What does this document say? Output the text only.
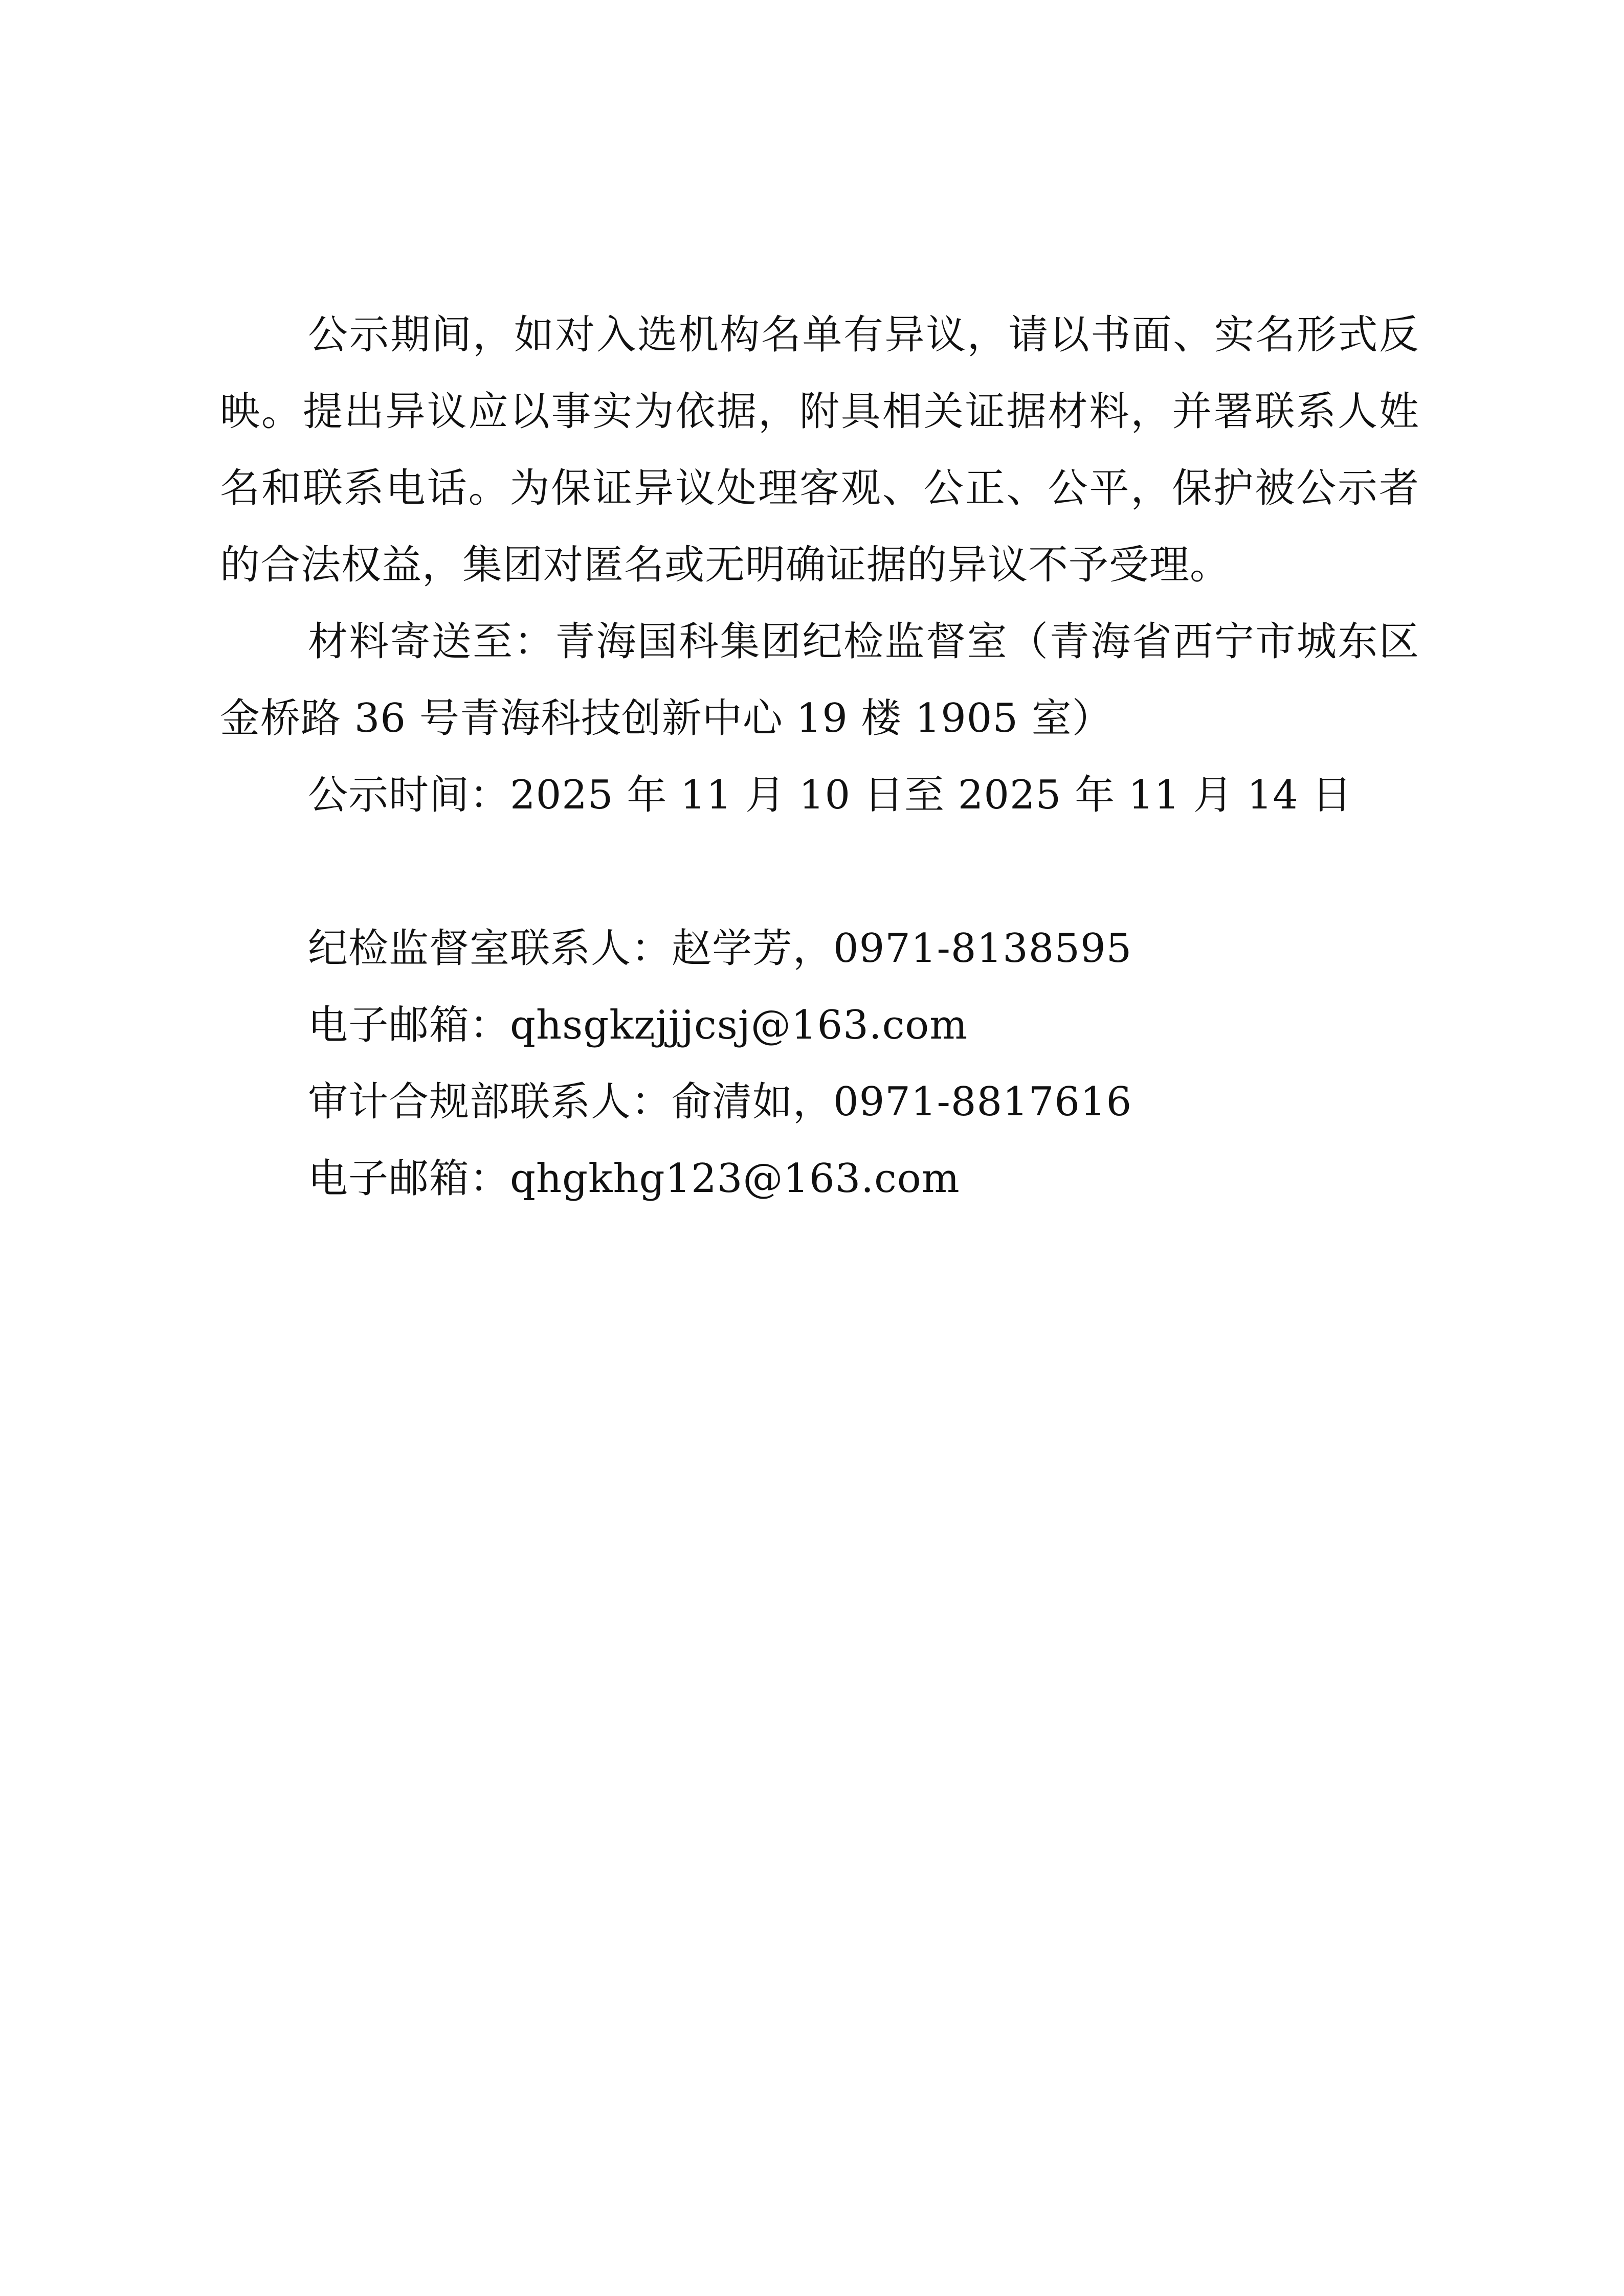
公示期间，如对入选机构名单有异议，请以书面、实名形式反映。提出异议应以事实为依据，附具相关证据材料，并署联系人姓名和联系电话。为保证异议处理客观、公正、公平，保护被公示者的合法权益，集团对匿名或无明确证据的异议不予受理。

材料寄送至：青海国科集团纪检监督室（青海省西宁市城东区金桥路 36 号青海科技创新中心 19 楼 1905 室）

公示时间：2025 年 11 月 10 日至 2025 年 11 月 14 日

纪检监督室联系人：赵学芳，0971-8138595

电子邮箱：qhsgkzjjjcsj@163.com

审计合规部联系人：俞清如，0971-8817616

电子邮箱：qhgkhg123@163.com
